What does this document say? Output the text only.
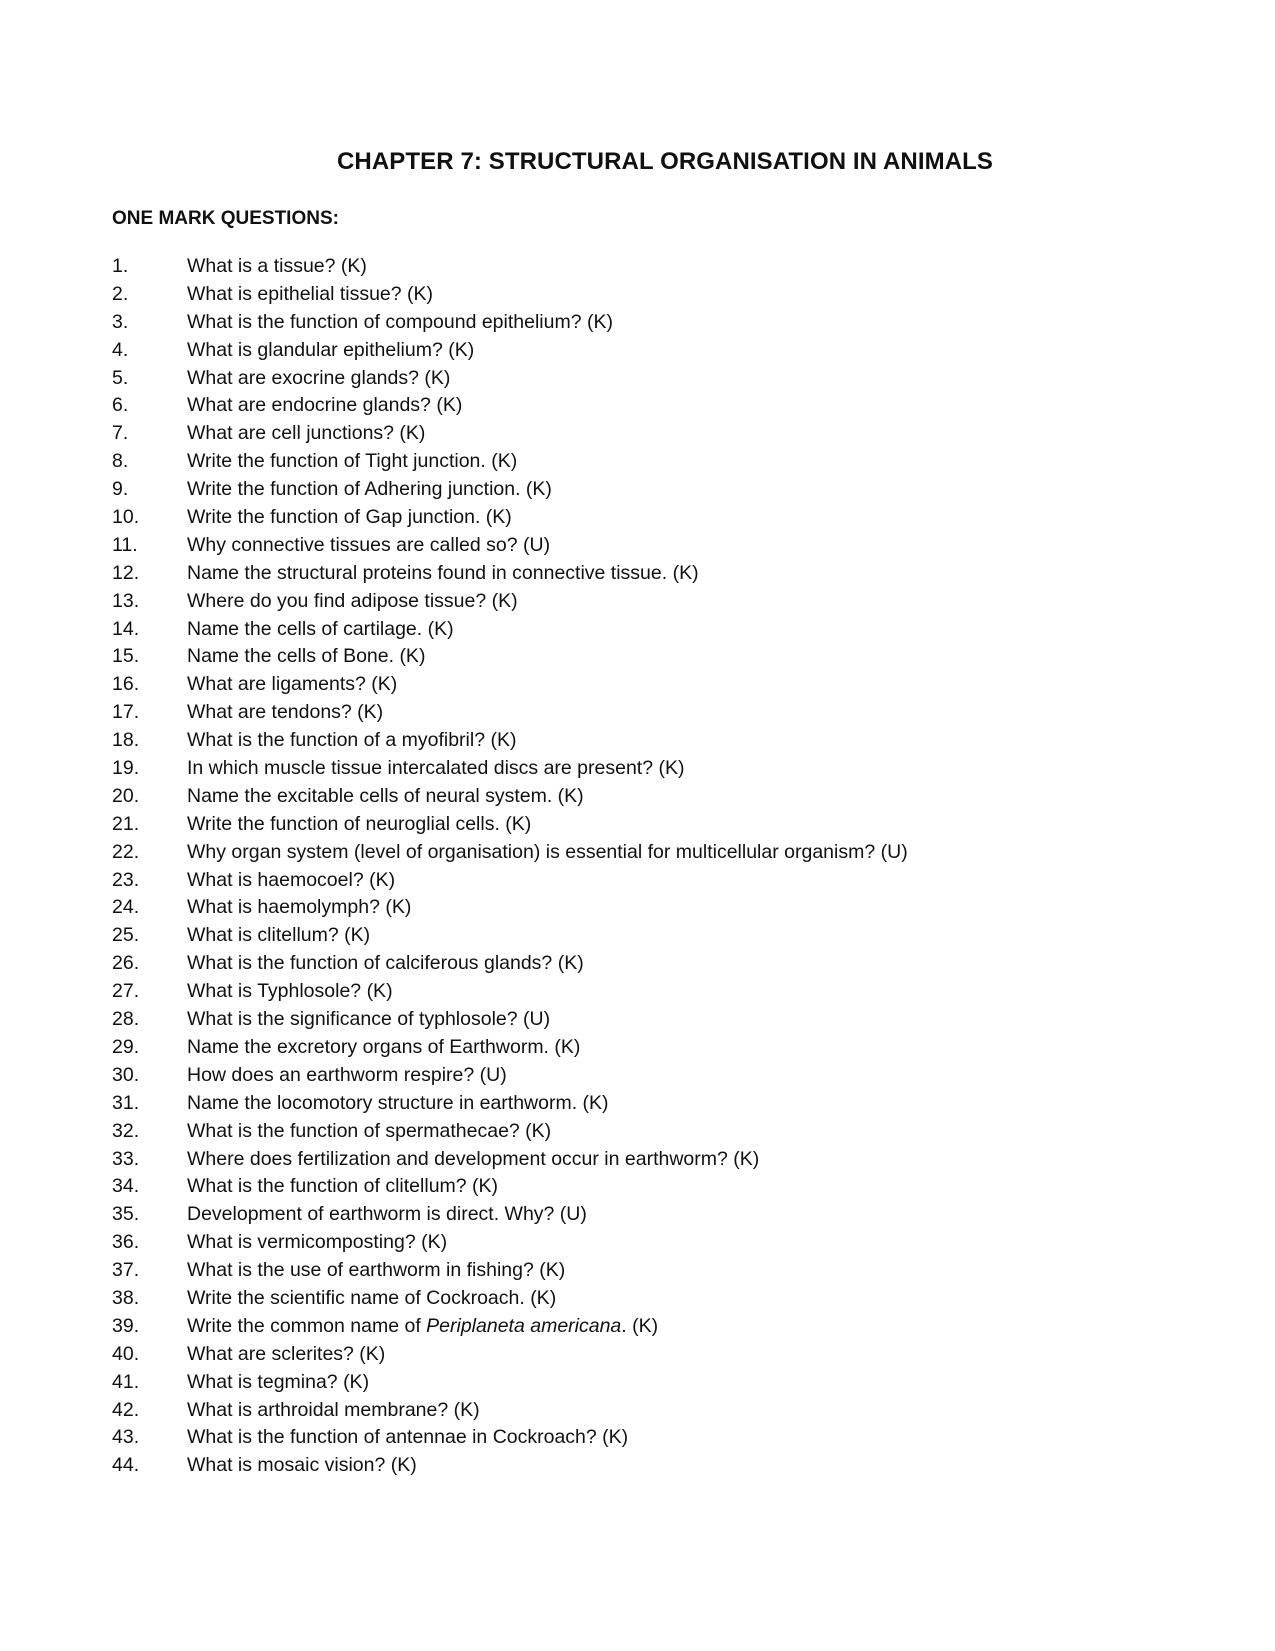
CHAPTER 7: STRUCTURAL ORGANISATION IN ANIMALS
ONE MARK QUESTIONS:
1.	What is a tissue? (K)
2.	What is epithelial tissue? (K)
3.	What is the function of compound epithelium? (K)
4.	What is glandular epithelium? (K)
5.	What are exocrine glands? (K)
6.	What are endocrine glands? (K)
7.	What are cell junctions? (K)
8.	Write the function of Tight junction. (K)
9.	Write the function of Adhering junction. (K)
10. Write the function of Gap junction. (K)
11.	Why connective tissues are called so? (U)
12. Name the structural proteins found in connective tissue. (K)
13. Where do you find adipose tissue? (K)
14. Name the cells of cartilage. (K)
15. Name the cells of Bone. (K)
16. What are ligaments? (K)
17. What are tendons? (K)
18. What is the function of a myofibril? (K)
19. In which muscle tissue intercalated discs are present? (K)
20. Name the excitable cells of neural system. (K)
21. Write the function of neuroglial cells. (K)
22. Why organ system (level of organisation) is essential for multicellular organism? (U)
23. What is haemocoel? (K)
24. What is haemolymph? (K)
25. What is clitellum? (K)
26. What is the function of calciferous glands? (K)
27. What is Typhlosole? (K)
28. What is the significance of typhlosole? (U)
29. Name the excretory organs of Earthworm. (K)
30. How does an earthworm respire? (U)
31. Name the locomotory structure in earthworm. (K)
32. What is the function of spermathecae? (K)
33. Where does fertilization and development occur in earthworm? (K)
34. What is the function of clitellum? (K)
35. Development of earthworm is direct. Why? (U)
36. What is vermicomposting? (K)
37. What is the use of earthworm in fishing? (K)
38. Write the scientific name of Cockroach. (K)
39. Write the common name of Periplaneta americana. (K)
40. What are sclerites? (K)
41. What is tegmina? (K)
42. What is arthroidal membrane? (K)
43. What is the function of antennae in Cockroach? (K)
44. What is mosaic vision? (K)
